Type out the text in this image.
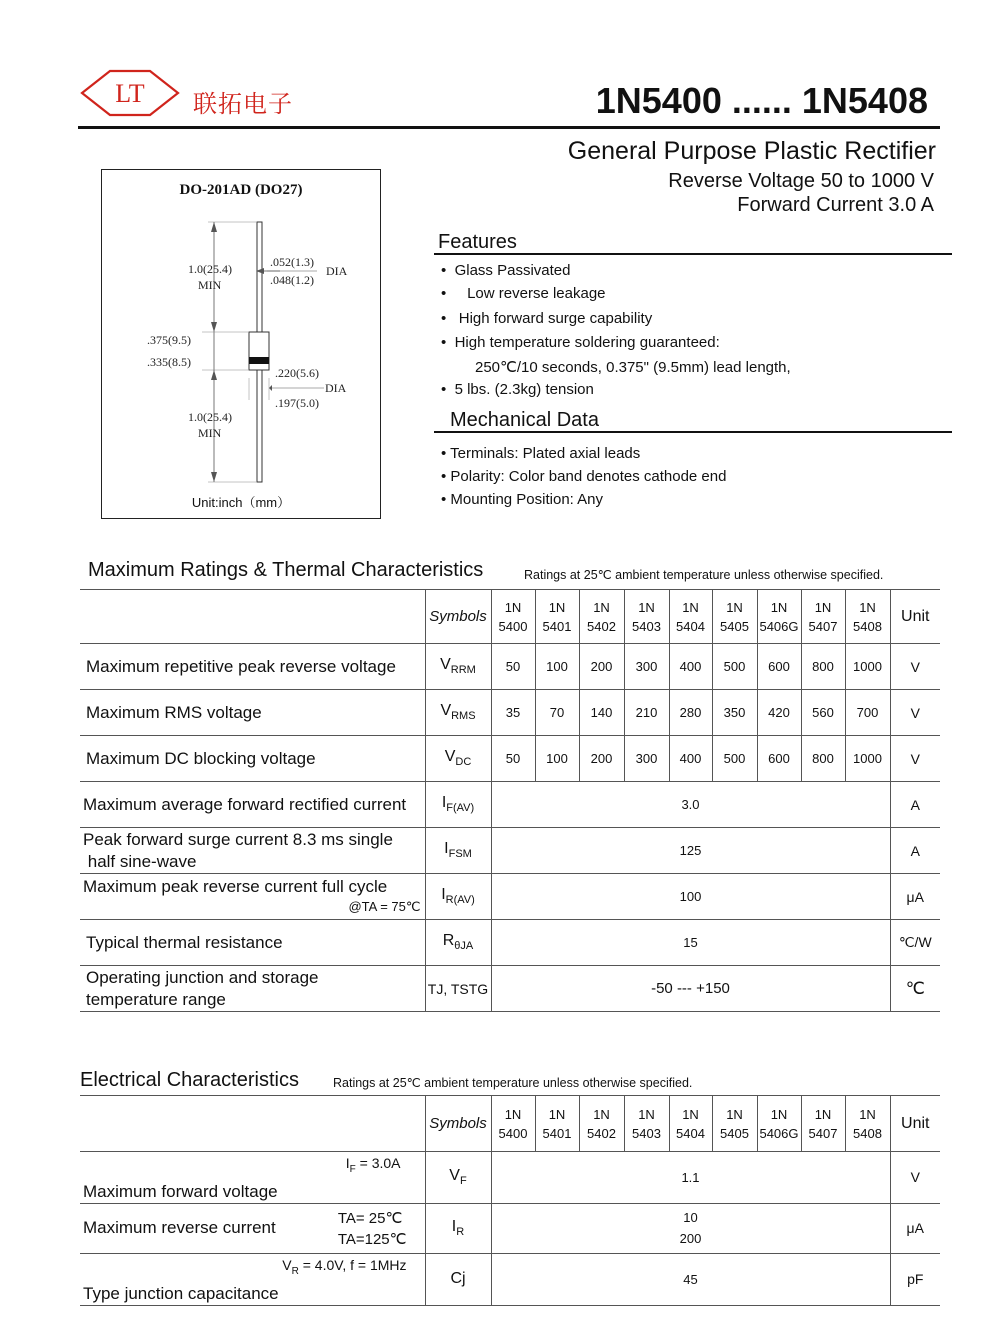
LT 联拓电子	1N5400 ...... 1N5408
General Purpose Plastic Rectifier
Reverse Voltage 50 to 1000 V
Forward Current 3.0 A
DO-201AD (DO27)
1.0(25.4)
MIN
.052(1.3)
.048(1.2)
DIA
.375(9.5)
.335(8.5)
.220(5.6)
DIA
.197(5.0)
1.0(25.4)
MIN
Unit:inch（mm）
Features
•  Glass Passivated
•     Low reverse leakage
•   High forward surge capability
•  High temperature soldering guaranteed:
250℃/10 seconds, 0.375" (9.5mm) lead length,
•  5 lbs. (2.3kg) tension
Mechanical Data
• Terminals: Plated axial leads
• Polarity: Color band denotes cathode end
• Mounting Position: Any
Maximum Ratings & Thermal Characteristics	Ratings at 25℃ ambient temperature unless otherwise specified.
	Symbols	1N
5400	1N
5401	1N
5402	1N
5403	1N
5404	1N
5405	1N
5406G	1N
5407	1N
5408	Unit
Maximum repetitive peak reverse voltage	$V_{RRM}$	50	100	200	300	400	500	600	800	1000	V
Maximum RMS voltage	$V_{RMS}$	35	70	140	210	280	350	420	560	700	V
Maximum DC blocking voltage	$V_{DC}$	50	100	200	300	400	500	600	800	1000	V
Maximum average forward rectified current	$I_{F(AV)}$	3.0									A
Peak forward surge current 8.3 ms single
half sine-wave	$I_{FSM}$	125									A
Maximum peak reverse current full cycle
@TA = 75℃	$I_{R(AV)}$	100									μA
Typical thermal resistance	$R_{\theta JA}$	15									℃/W
Operating junction and storage
temperature range	TJ, TSTG	-50 --- +150									℃
Electrical Characteristics	Ratings at 25℃ ambient temperature unless otherwise specified.
	Symbols	1N
5400	1N
5401	1N
5402	1N
5403	1N
5404	1N
5405	1N
5406G	1N
5407	1N
5408	Unit

$I_F = 3.0A$
Maximum forward voltage	$V_F$	1.1									V
Maximum reverse current TA= 25℃
TA=125℃	$I_R$	10
200									μA

$V_R = 4.0V$, f = 1MHz
Type junction capacitance	Cj	45									pF
